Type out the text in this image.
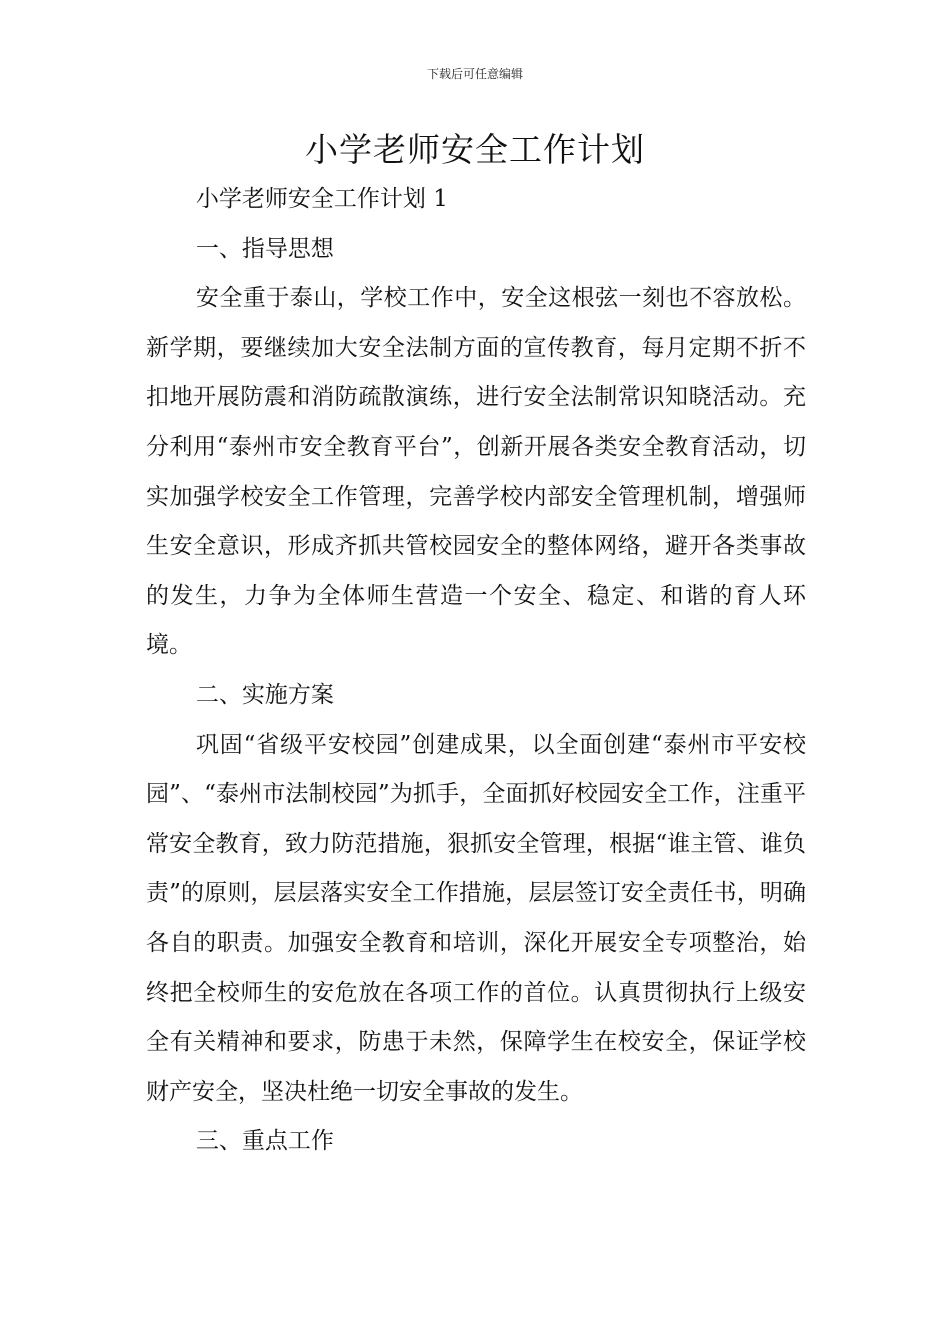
下载后可任意编辑
小学老师安全工作计划

小学老师安全工作计划 1

一、指导思想

安全重于泰山，学校工作中，安全这根弦一刻也不容放松。新学期，要继续加大安全法制方面的宣传教育，每月定期不折不扣地开展防震和消防疏散演练，进行安全法制常识知晓活动。充分利用“泰州市安全教育平台”，创新开展各类安全教育活动，切实加强学校安全工作管理，完善学校内部安全管理机制，增强师生安全意识，形成齐抓共管校园安全的整体网络，避开各类事故的发生，力争为全体师生营造一个安全、稳定、和谐的育人环境。

二、实施方案

巩固“省级平安校园”创建成果，以全面创建“泰州市平安校园”、“泰州市法制校园”为抓手，全面抓好校园安全工作，注重平常安全教育，致力防范措施，狠抓安全管理，根据“谁主管、谁负责”的原则，层层落实安全工作措施，层层签订安全责任书，明确各自的职责。加强安全教育和培训，深化开展安全专项整治，始终把全校师生的安危放在各项工作的首位。认真贯彻执行上级安全有关精神和要求，防患于未然，保障学生在校安全，保证学校财产安全，坚决杜绝一切安全事故的发生。

三、重点工作
